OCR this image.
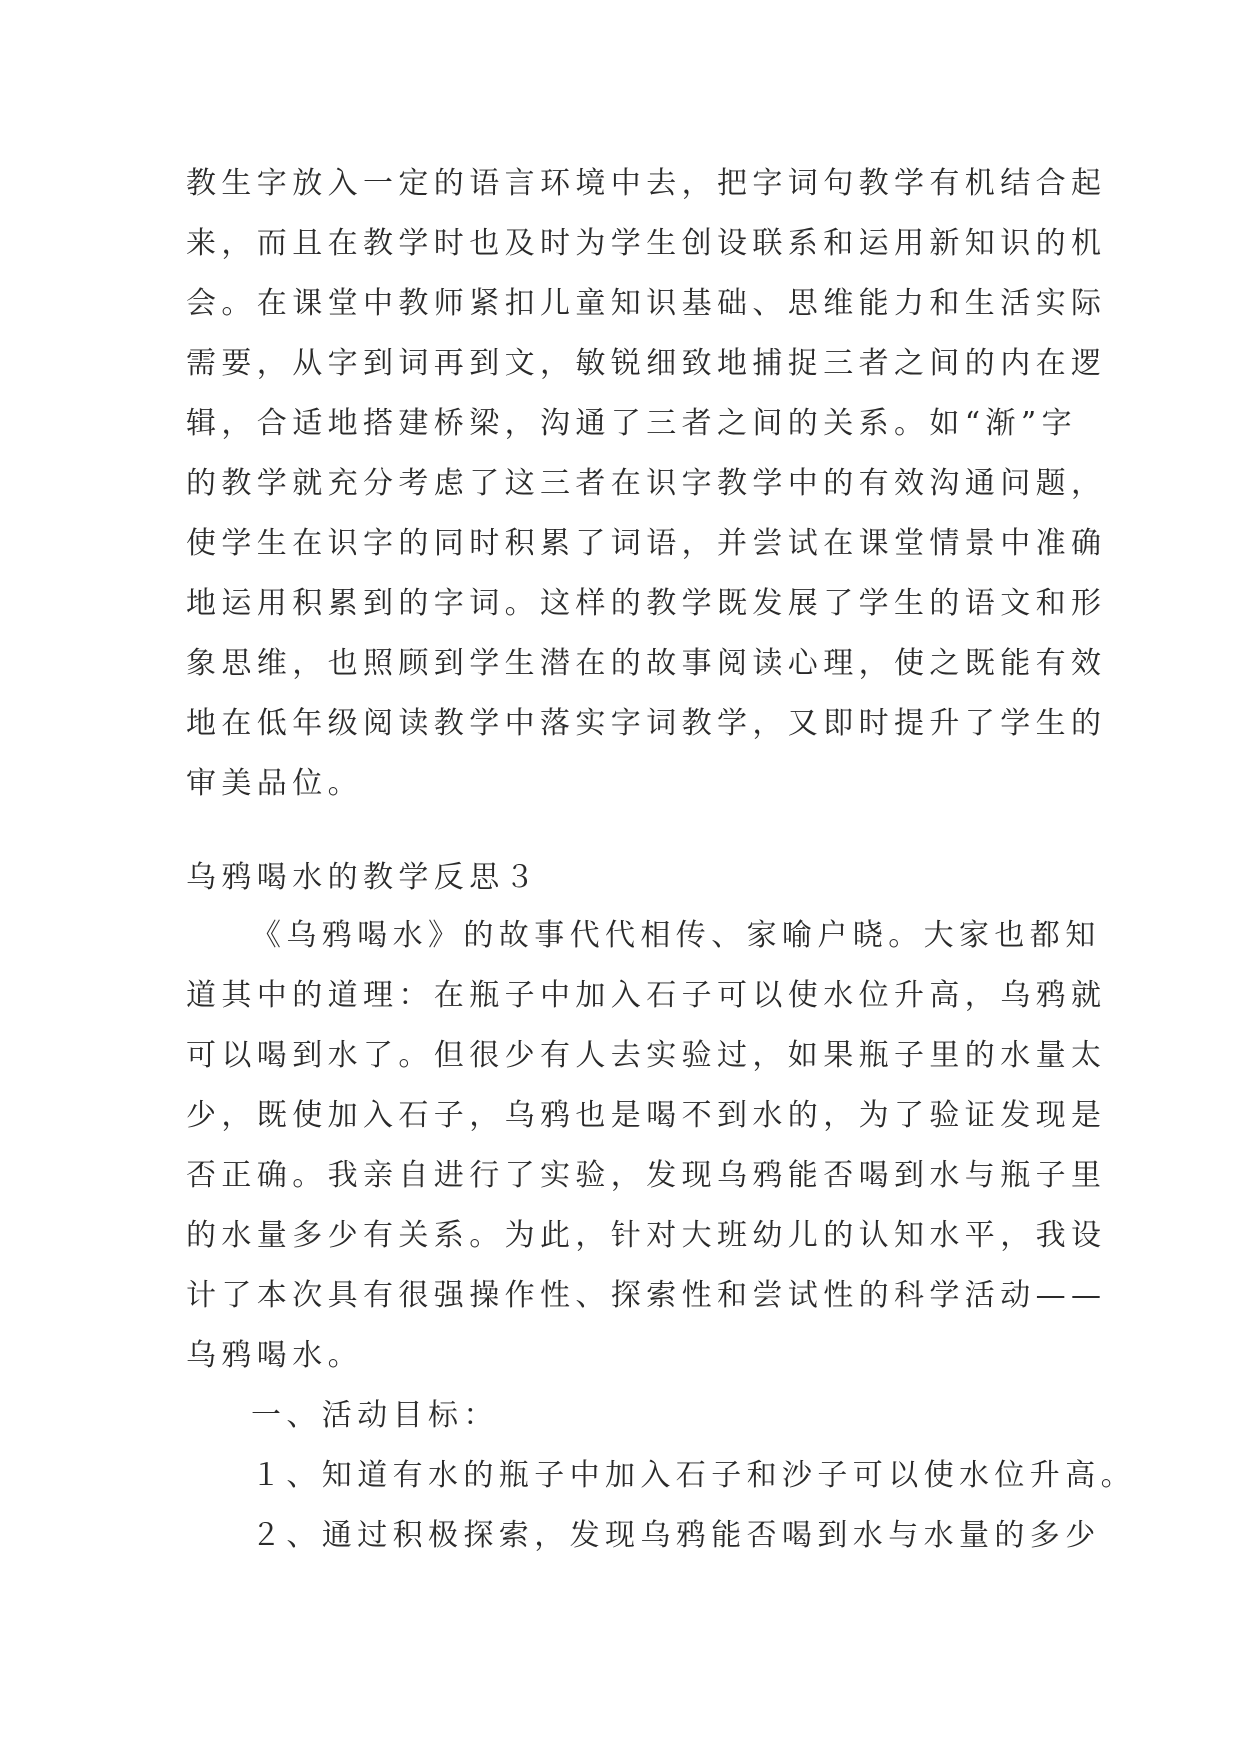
教生字放入一定的语言环境中去，把字词句教学有机结合起
来，而且在教学时也及时为学生创设联系和运用新知识的机
会。在课堂中教师紧扣儿童知识基础、思维能力和生活实际
需要，从字到词再到文，敏锐细致地捕捉三者之间的内在逻
辑，合适地搭建桥梁，沟通了三者之间的关系。如“渐”字
的教学就充分考虑了这三者在识字教学中的有效沟通问题，
使学生在识字的同时积累了词语，并尝试在课堂情景中准确
地运用积累到的字词。这样的教学既发展了学生的语文和形
象思维，也照顾到学生潜在的故事阅读心理，使之既能有效
地在低年级阅读教学中落实字词教学，又即时提升了学生的
审美品位。
乌鸦喝水的教学反思３
《乌鸦喝水》的故事代代相传、家喻户晓。大家也都知
道其中的道理：在瓶子中加入石子可以使水位升高，乌鸦就
可以喝到水了。但很少有人去实验过，如果瓶子里的水量太
少，既使加入石子，乌鸦也是喝不到水的，为了验证发现是
否正确。我亲自进行了实验，发现乌鸦能否喝到水与瓶子里
的水量多少有关系。为此，针对大班幼儿的认知水平，我设
计了本次具有很强操作性、探索性和尝试性的科学活动——
乌鸦喝水。
一、活动目标：
１、知道有水的瓶子中加入石子和沙子可以使水位升高。
２、通过积极探索，发现乌鸦能否喝到水与水量的多少
